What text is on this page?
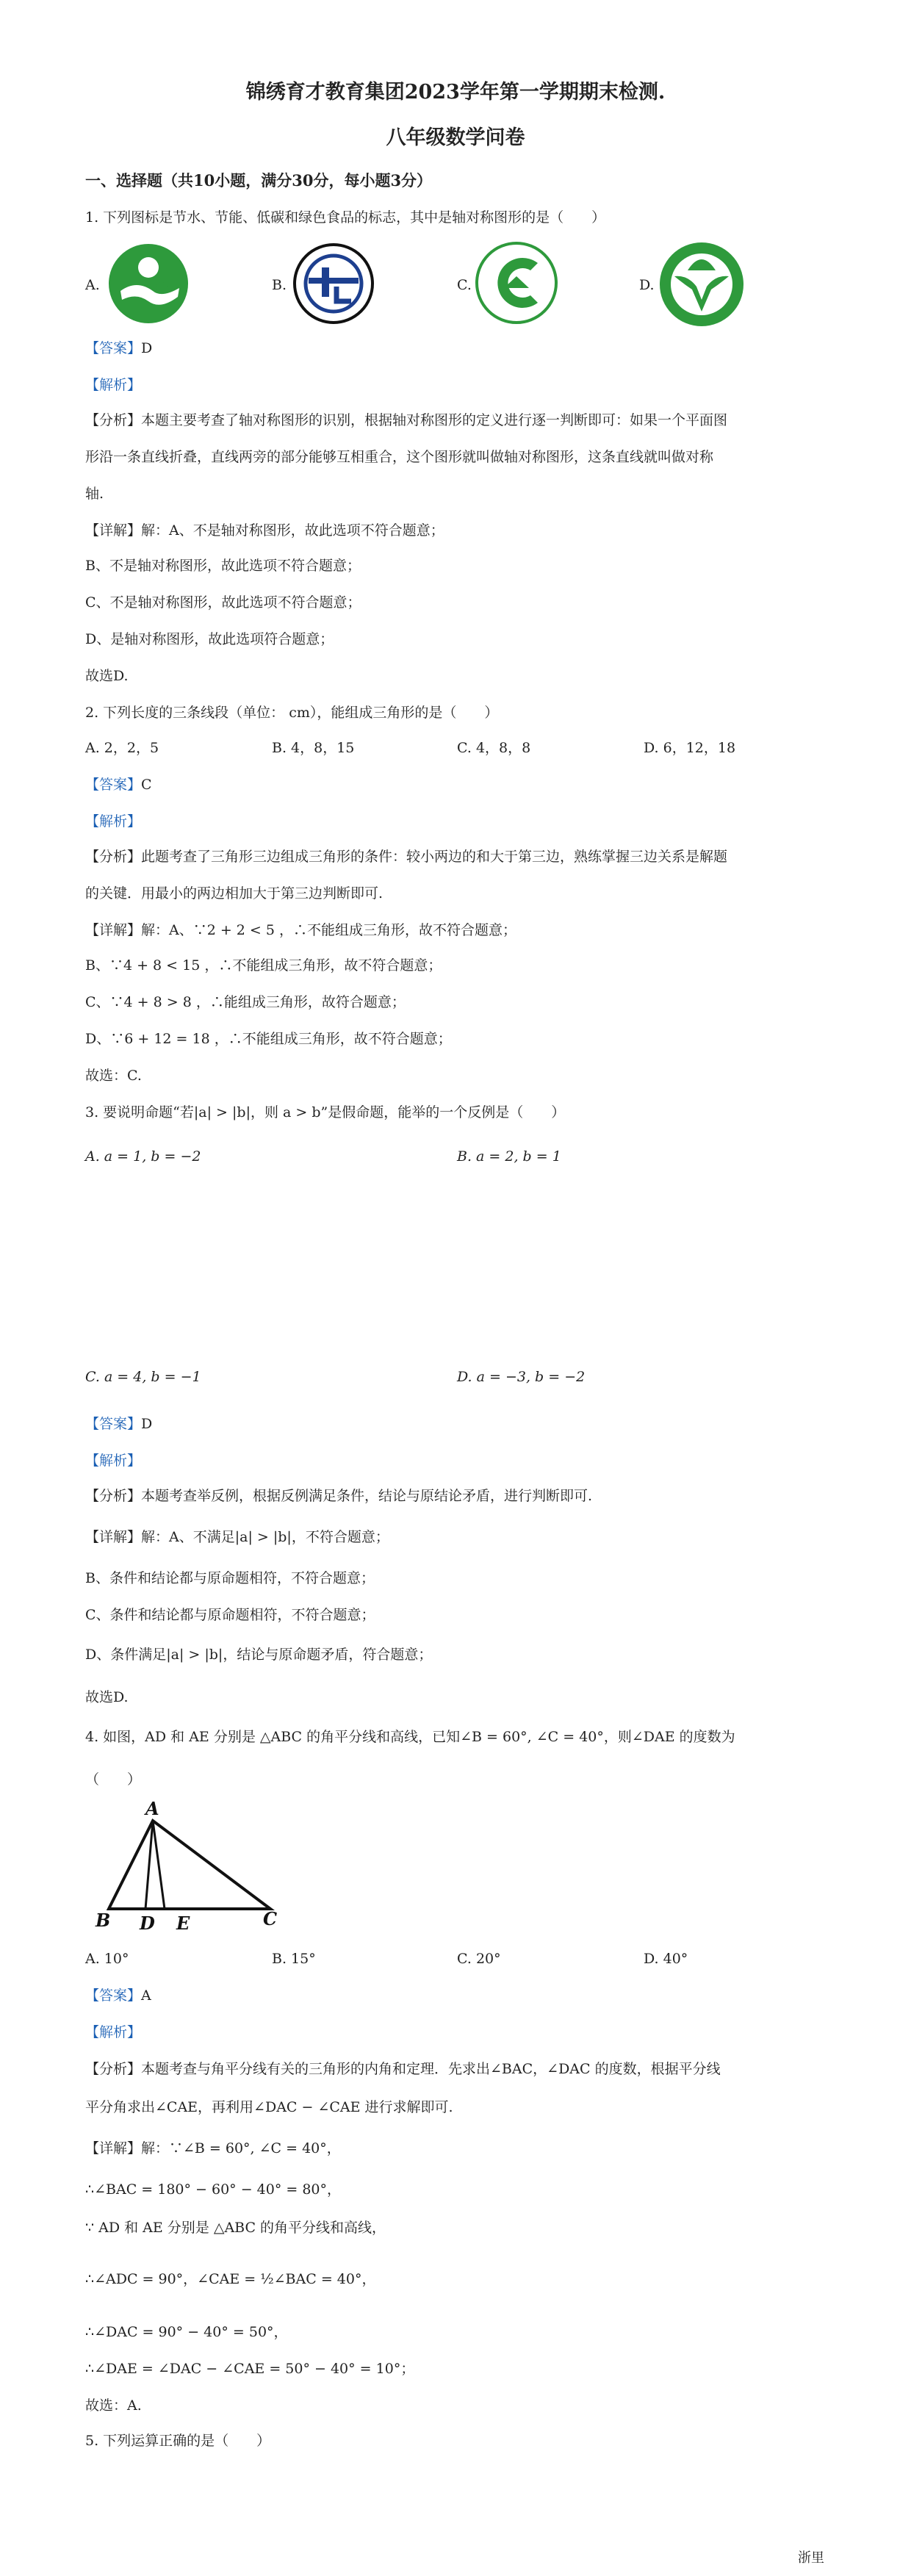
锦绣育才教育集团2023学年第一学期期末检测.
八年级数学问卷
一、选择题（共10小题，满分30分，每小题3分）
1. 下列图标是节水、节能、低碳和绿色食品的标志，其中是轴对称图形的是（　　）
A.	B.	C.	D.
【答案】D
【解析】
【分析】本题主要考查了轴对称图形的识别，根据轴对称图形的定义进行逐一判断即可：如果一个平面图
形沿一条直线折叠，直线两旁的部分能够互相重合，这个图形就叫做轴对称图形，这条直线就叫做对称
轴.
【详解】解：A、不是轴对称图形，故此选项不符合题意；
B、不是轴对称图形，故此选项不符合题意；
C、不是轴对称图形，故此选项不符合题意；
D、是轴对称图形，故此选项符合题意；
故选D.
2. 下列长度的三条线段（单位： cm），能组成三角形的是（　　）
A. 2，2，5	B. 4，8，15	C. 4，8，8	D. 6，12，18
【答案】C
【解析】
【分析】此题考查了三角形三边组成三角形的条件：较小两边的和大于第三边，熟练掌握三边关系是解题
的关键．用最小的两边相加大于第三边判断即可.
【详解】解：A、∵2 + 2 < 5 ，∴不能组成三角形，故不符合题意；
B、∵4 + 8 < 15 ，∴不能组成三角形，故不符合题意；
C、∵4 + 8 > 8 ，∴能组成三角形，故符合题意；
D、∵6 + 12 = 18 ，∴不能组成三角形，故不符合题意；
故选：C.
3. 要说明命题“若|a| > |b|，则 a > b”是假命题，能举的一个反例是（　　）
A. a = 1, b = −2	B. a = 2, b = 1
C. a = 4, b = −1	D. a = −3, b = −2
【答案】D
【解析】
【分析】本题考查举反例，根据反例满足条件，结论与原结论矛盾，进行判断即可.
【详解】解：A、不满足|a| > |b|，不符合题意；
B、条件和结论都与原命题相符，不符合题意；
C、条件和结论都与原命题相符，不符合题意；
D、条件满足|a| > |b|，结论与原命题矛盾，符合题意；
故选D.
4. 如图，AD 和 AE 分别是 △ABC 的角平分线和高线，已知∠B = 60°, ∠C = 40°，则∠DAE 的度数为
（　　）
A
B D E	C
A. 10°	B. 15°	C. 20°	D. 40°
【答案】A
【解析】
【分析】本题考查与角平分线有关的三角形的内角和定理．先求出∠BAC，∠DAC 的度数，根据平分线
平分角求出∠CAE，再利用∠DAC − ∠CAE 进行求解即可.
【详解】解：∵∠B = 60°, ∠C = 40°，
∴∠BAC = 180° − 60° − 40° = 80°，
∵ AD 和 AE 分别是 △ABC 的角平分线和高线，
∴∠ADC = 90°，∠CAE = ½∠BAC = 40°，
∴∠DAC = 90° − 40° = 50°，
∴∠DAE = ∠DAC − ∠CAE = 50° − 40° = 10°；
故选：A.
5. 下列运算正确的是（　　）
浙里
